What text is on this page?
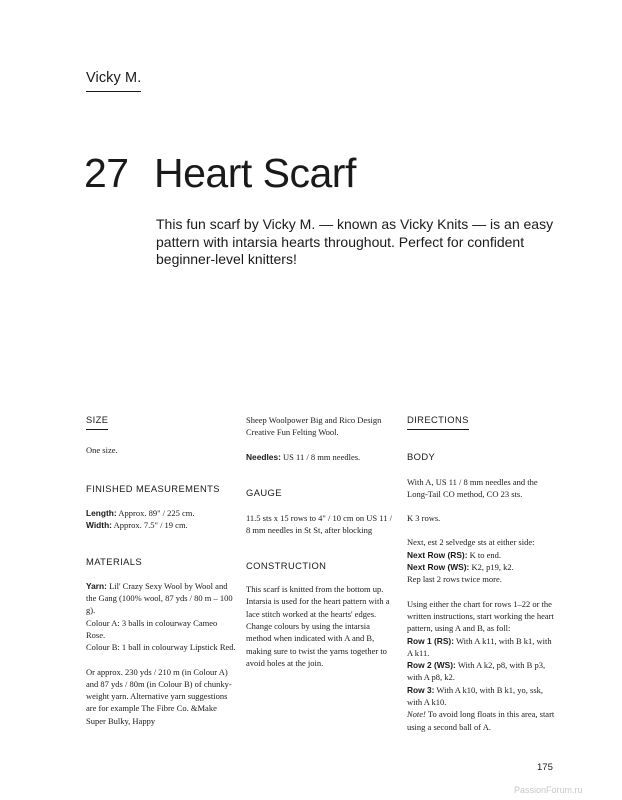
Vicky M.
27 Heart Scarf

This fun scarf by Vicky M. — known as Vicky Knits — is an easy pattern with intarsia hearts throughout. Perfect for confident beginner-level knitters!

SIZE

One size.

FINISHED MEASUREMENTS

Length: Approx. 89" / 225 cm.

Width: Approx. 7.5" / 19 cm.

MATERIALS

Yarn: Lil' Crazy Sexy Wool by Wool and the Gang (100% wool, 87 yds / 80 m – 100 g).

Colour A: 3 balls in colourway Cameo Rose.

Colour B: 1 ball in colourway Lipstick Red.

Or approx. 230 yds / 210 m (in Colour A) and 87 yds / 80m (in Colour B) of chunky-weight yarn. Alternative yarn suggestions are for example The Fibre Co. &Make Super Bulky, Happy

Sheep Woolpower Big and Rico Design Creative Fun Felting Wool.

Needles: US 11 / 8 mm needles.

GAUGE

11.5 sts x 15 rows to 4" / 10 cm on US 11 / 8 mm needles in St St, after blocking

CONSTRUCTION

This scarf is knitted from the bottom up. Intarsia is used for the heart pattern with a lace stitch worked at the hearts' edges. Change colours by using the intarsia method when indicated with A and B, making sure to twist the yarns together to avoid holes at the join.

DIRECTIONS

BODY

With A, US 11 / 8 mm needles and the Long-Tail CO method, CO 23 sts.

K 3 rows.

Next, est 2 selvedge sts at either side:

Next Row (RS): K to end.

Next Row (WS): K2, p19, k2.

Rep last 2 rows twice more.

Using either the chart for rows 1–22 or the written instructions, start working the heart pattern, using A and B, as foll:

Row 1 (RS): With A k11, with B k1, with A k11.

Row 2 (WS): With A k2, p8, with B p3, with A p8, k2.

Row 3: With A k10, with B k1, yo, ssk, with A k10.

Note! To avoid long floats in this area, start using a second ball of A.

175
PassionForum.ru
